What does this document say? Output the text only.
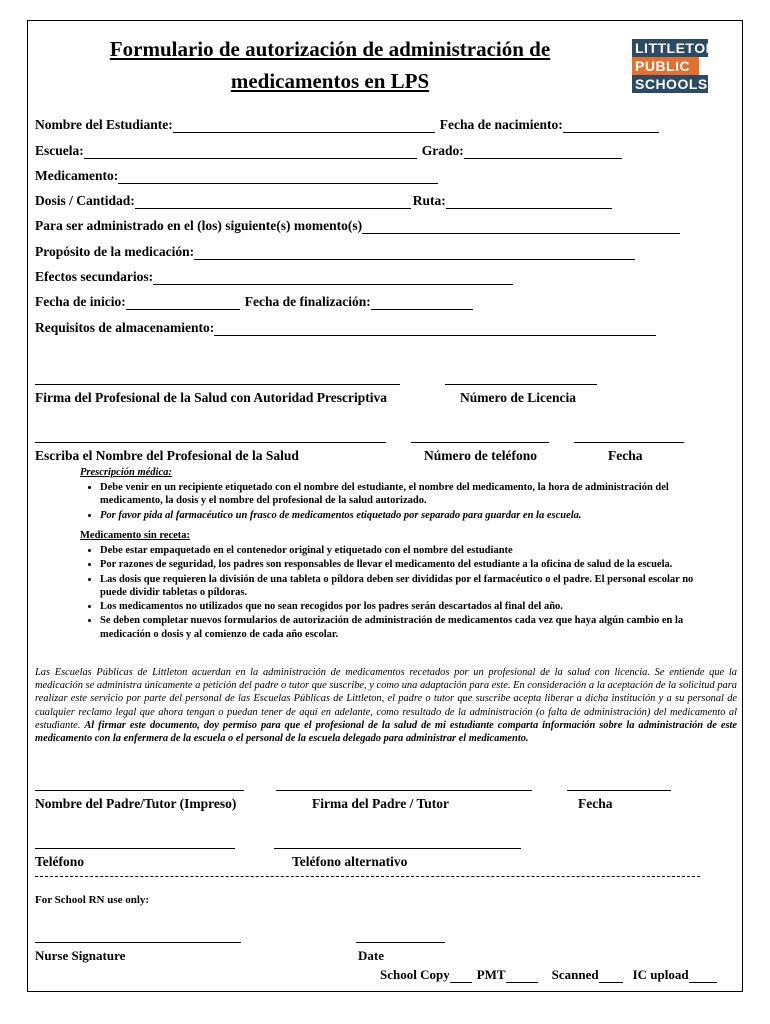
Formulario de autorización de administración de
medicamentos en LPS
LITTLETON
PUBLIC
SCHOOLS
Nombre del Estudiante:	Fecha de nacimiento:
Escuela:	Grado:
Medicamento:
Dosis / Cantidad:	Ruta:
Para ser administrado en el (los) siguiente(s) momento(s)
Propósito de la medicación:
Efectos secundarios:
Fecha de inicio:	Fecha de finalización:
Requisitos de almacenamiento:
Firma del Profesional de la Salud con Autoridad Prescriptiva	Número de Licencia
Escriba el Nombre del Profesional de la Salud	Número de teléfono	Fecha
Prescripción médica:
• Debe venir en un recipiente etiquetado con el nombre del estudiante, el nombre del medicamento, la hora de administración del medicamento, la dosis y el nombre del profesional de la salud autorizado.
• Por favor pida al farmacéutico un frasco de medicamentos etiquetado por separado para guardar en la escuela.
Medicamento sin receta:
• Debe estar empaquetado en el contenedor original y etiquetado con el nombre del estudiante
• Por razones de seguridad, los padres son responsables de llevar el medicamento del estudiante a la oficina de salud de la escuela.
• Las dosis que requieren la división de una tableta o píldora deben ser divididas por el farmacéutico o el padre. El personal escolar no puede dividir tabletas o píldoras.
• Los medicamentos no utilizados que no sean recogidos por los padres serán descartados al final del año.
• Se deben completar nuevos formularios de autorización de administración de medicamentos cada vez que haya algún cambio en la medicación o dosis y al comienzo de cada año escolar.
Las Escuelas Públicas de Littleton acuerdan en la administración de medicamentos recetados por un profesional de la salud con licencia. Se entiende que la medicación se administra únicamente a petición del padre o tutor que suscribe, y como una adaptación para este. En consideración a la aceptación de la solicitud para realizar este servicio por parte del personal de las Escuelas Públicas de Littleton, el padre o tutor que suscribe acepta liberar a dicha institución y a su personal de cualquier reclamo legal que ahora tengan o puedan tener de aquí en adelante, como resultado de la administración (o falta de administración) del medicamento al estudiante. Al firmar este documento, doy permiso para que el profesional de la salud de mi estudiante comparta información sobre la administración de este medicamento con la enfermera de la escuela o el personal de la escuela delegado para administrar el medicamento.
Nombre del Padre/Tutor (Impreso)	Firma del Padre / Tutor	Fecha
Teléfono	Teléfono alternativo
For School RN use only:
Nurse Signature	Date
School Copy PMT	Scanned	IC upload
